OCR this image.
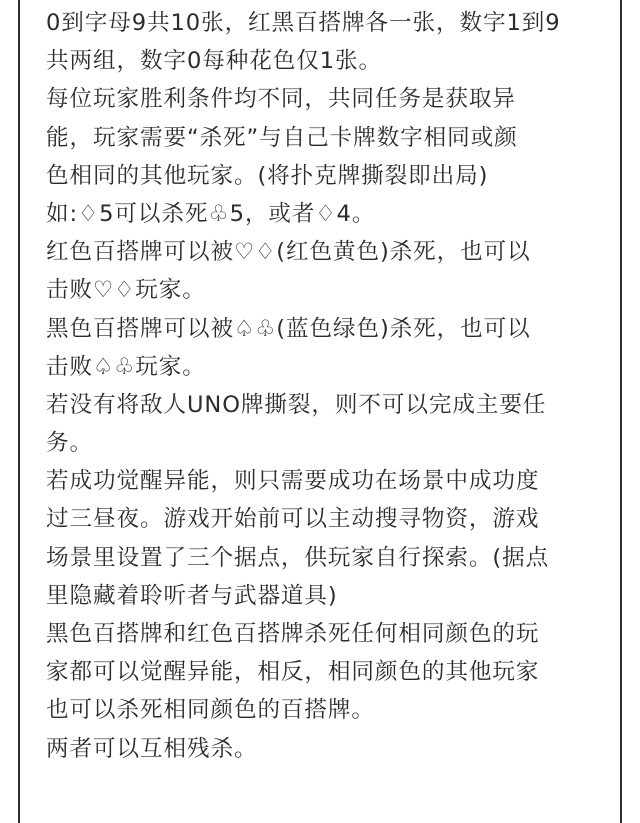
0到字母9共10张，红黑百搭牌各一张，数字1到9
共两组，数字0每种花色仅1张。
每位玩家胜利条件均不同，共同任务是获取异
能，玩家需要“杀死”与自己卡牌数字相同或颜
色相同的其他玩家。(将扑克牌撕裂即出局)
如:♢5可以杀死♧5，或者♢4。
红色百搭牌可以被♡♢(红色黄色)杀死，也可以
击败♡♢玩家。
黑色百搭牌可以被♤♧(蓝色绿色)杀死，也可以
击败♤♧玩家。
若没有将敌人UNO牌撕裂，则不可以完成主要任
务。
若成功觉醒异能，则只需要成功在场景中成功度
过三昼夜。游戏开始前可以主动搜寻物资，游戏
场景里设置了三个据点，供玩家自行探索。(据点
里隐藏着聆听者与武器道具)
黑色百搭牌和红色百搭牌杀死任何相同颜色的玩
家都可以觉醒异能，相反，相同颜色的其他玩家
也可以杀死相同颜色的百搭牌。
两者可以互相残杀。
